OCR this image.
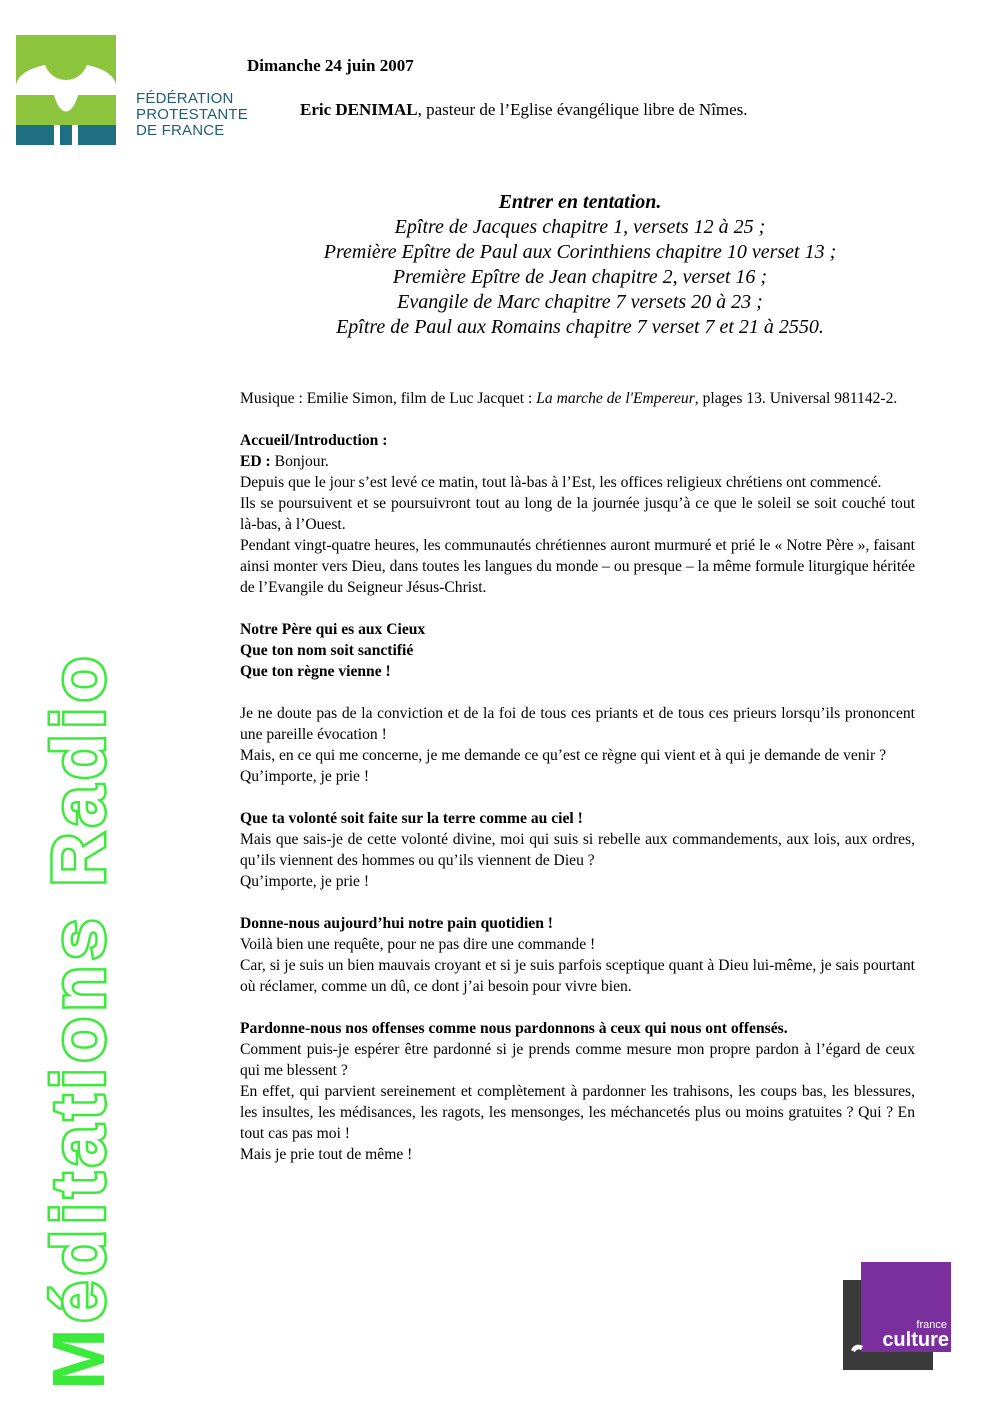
FÉDÉRATION
PROTESTANTE
DE FRANCE
Méditations Radio
Dimanche 24 juin 2007
Eric DENIMAL, pasteur de l’Eglise évangélique libre de Nîmes.
Entrer en tentation.
Epître de Jacques chapitre 1, versets 12 à 25 ;
Première Epître de Paul aux Corinthiens chapitre 10 verset 13 ;
Première Epître de Jean chapitre 2, verset 16 ;
Evangile de Marc chapitre 7 versets 20 à 23 ;
Epître de Paul aux Romains chapitre 7 verset 7 et 21 à 2550.

Musique : Emilie Simon, film de Luc Jacquet : La marche de l'Empereur, plages 13. Universal 981142-2.

Accueil/Introduction :

ED : Bonjour.

Depuis que le jour s’est levé ce matin, tout là-bas à l’Est, les offices religieux chrétiens ont commencé.

Ils se poursuivent et se poursuivront tout au long de la journée jusqu’à ce que le soleil se soit couché tout là-bas, à l’Ouest.

Pendant vingt-quatre heures, les communautés chrétiennes auront murmuré et prié le « Notre Père », faisant ainsi monter vers Dieu, dans toutes les langues du monde – ou presque – la même formule liturgique héritée de l’Evangile du Seigneur Jésus-Christ.

Notre Père qui es aux Cieux

Que ton nom soit sanctifié

Que ton règne vienne !

Je ne doute pas de la conviction et de la foi de tous ces priants et de tous ces prieurs lorsqu’ils prononcent une pareille évocation !

Mais, en ce qui me concerne, je me demande ce qu’est ce règne qui vient et à qui je demande de venir ?

Qu’importe, je prie !

Que ta volonté soit faite sur la terre comme au ciel !

Mais que sais-je de cette volonté divine, moi qui suis si rebelle aux commandements, aux lois, aux ordres, qu’ils viennent des hommes ou qu’ils viennent de Dieu ?

Qu’importe, je prie !

Donne-nous aujourd’hui notre pain quotidien !

Voilà bien une requête, pour ne pas dire une commande !

Car, si je suis un bien mauvais croyant et si je suis parfois sceptique quant à Dieu lui-même, je sais pourtant où réclamer, comme un dû, ce dont j’ai besoin pour vivre bien.

Pardonne-nous nos offenses comme nous pardonnons à ceux qui nous ont offensés.

Comment puis-je espérer être pardonné si je prends comme mesure mon propre pardon à l’égard de ceux qui me blessent ?

En effet, qui parvient sereinement et complètement à pardonner les trahisons, les coups bas, les blessures, les insultes, les médisances, les ragots, les mensonges, les méchancetés plus ou moins gratuites ? Qui ? En tout cas pas moi !

Mais je prie tout de même !

france
culture
